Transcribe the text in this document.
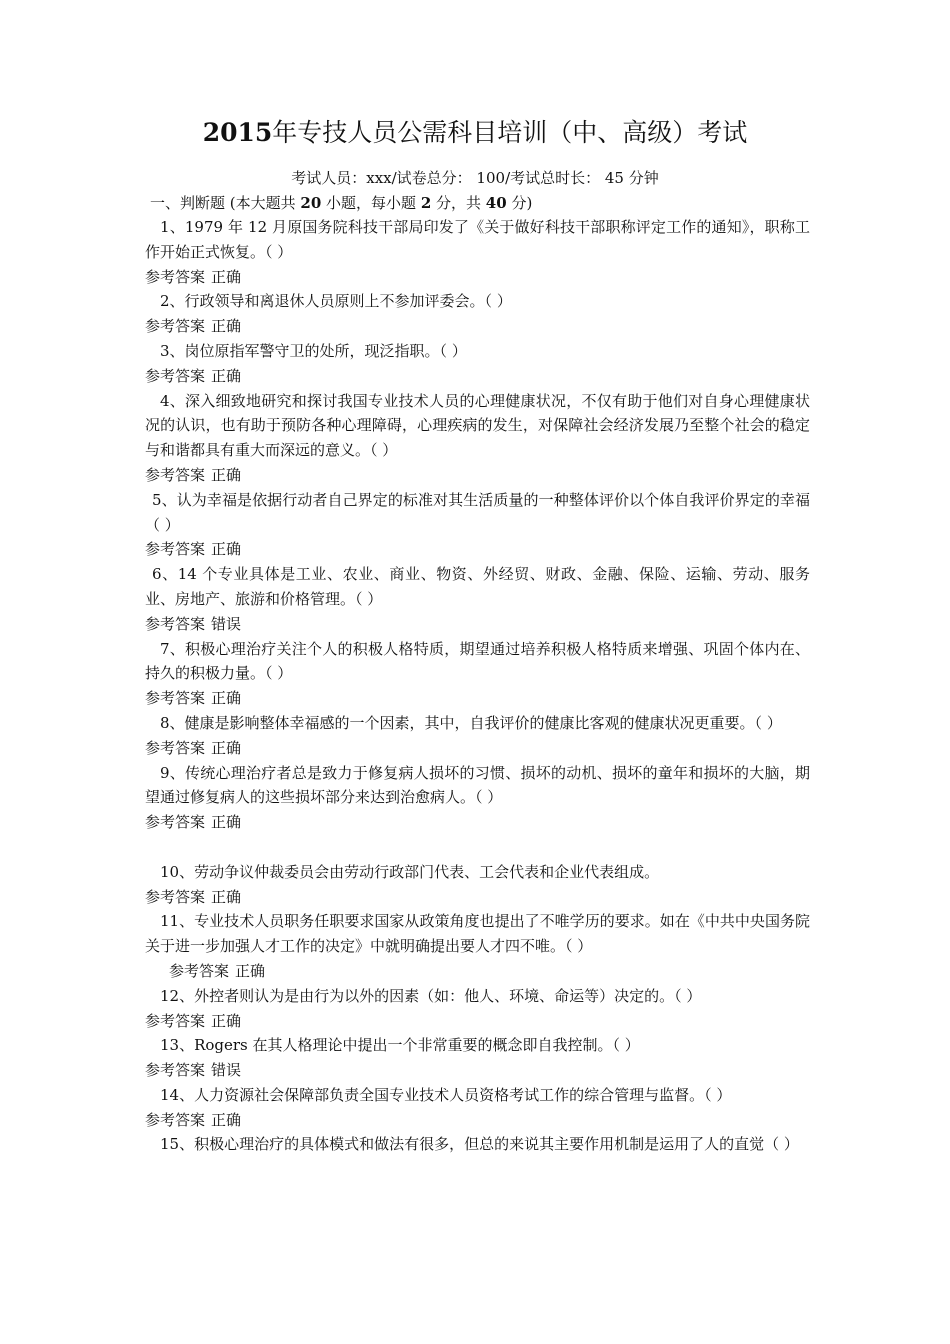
2015年专技人员公需科目培训（中、高级）考试
考试人员：xxx/试卷总分： 100/考试总时长： 45 分钟
一、判断题 (本大题共 20 小题，每小题 2 分，共 40 分)

1、1979 年 12 月原国务院科技干部局印发了《关于做好科技干部职称评定工作的通知》，职称工作开始正式恢复。（ ）

参考答案 正确

2、行政领导和离退休人员原则上不参加评委会。（ ）

参考答案 正确

3、岗位原指军警守卫的处所，现泛指职。（ ）

参考答案 正确

4、深入细致地研究和探讨我国专业技术人员的心理健康状况，不仅有助于他们对自身心理健康状况的认识，也有助于预防各种心理障碍，心理疾病的发生，对保障社会经济发展乃至整个社会的稳定与和谐都具有重大而深远的意义。（ ）

参考答案 正确

5、认为幸福是依据行动者自己界定的标准对其生活质量的一种整体评价以个体自我评价界定的幸福（ ）

参考答案 正确

6、14 个专业具体是工业、农业、商业、物资、外经贸、财政、金融、保险、运输、劳动、服务业、房地产、旅游和价格管理。（ ）

参考答案 错误

7、积极心理治疗关注个人的积极人格特质，期望通过培养积极人格特质来增强、巩固个体内在、持久的积极力量。（ ）

参考答案 正确

8、健康是影响整体幸福感的一个因素，其中，自我评价的健康比客观的健康状况更重要。（ ）

参考答案 正确

9、传统心理治疗者总是致力于修复病人损坏的习惯、损坏的动机、损坏的童年和损坏的大脑，期望通过修复病人的这些损坏部分来达到治愈病人。（ ）

参考答案 正确

10、劳动争议仲裁委员会由劳动行政部门代表、工会代表和企业代表组成。

参考答案 正确

11、专业技术人员职务任职要求国家从政策角度也提出了不唯学历的要求。如在《中共中央国务院关于进一步加强人才工作的决定》中就明确提出要人才四不唯。（ ）

参考答案 正确

12、外控者则认为是由行为以外的因素（如：他人、环境、命运等）决定的。（ ）

参考答案 正确

13、Rogers 在其人格理论中提出一个非常重要的概念即自我控制。（ ）

参考答案 错误

14、人力资源社会保障部负责全国专业技术人员资格考试工作的综合管理与监督。（ ）

参考答案 正确

15、积极心理治疗的具体模式和做法有很多，但总的来说其主要作用机制是运用了人的直觉（ ）
